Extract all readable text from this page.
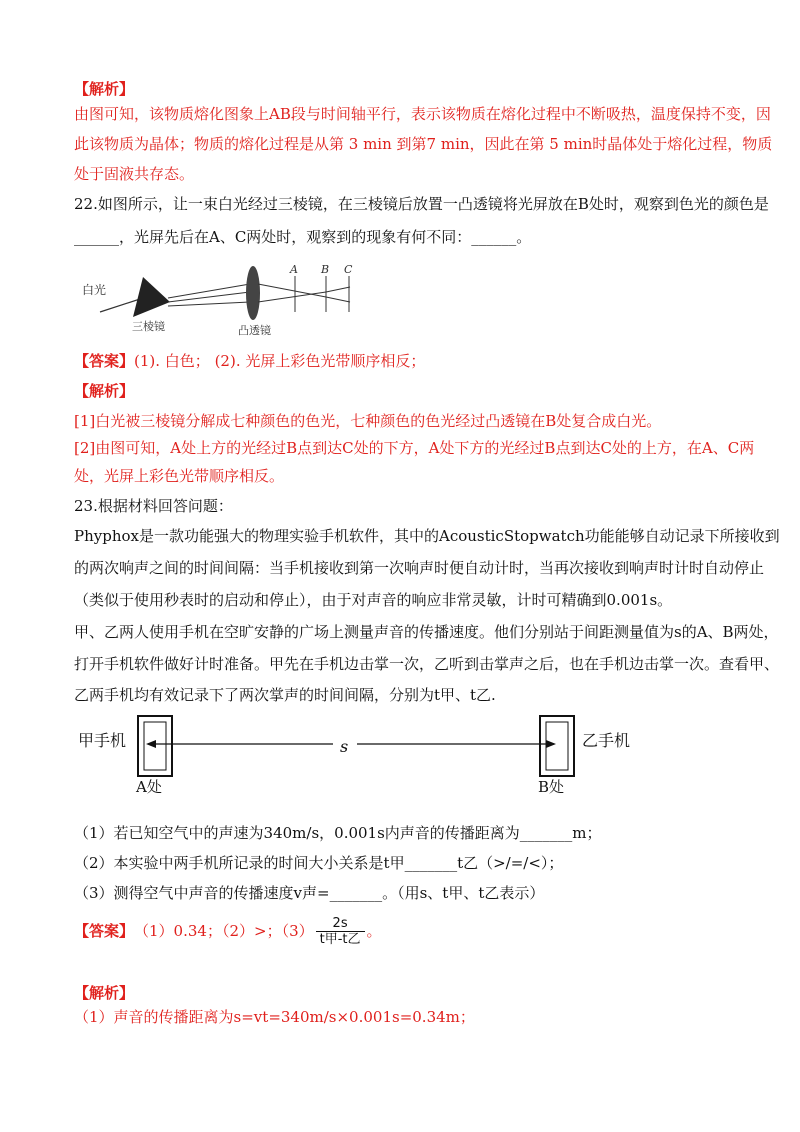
【解析】
由图可知，该物质熔化图象上AB段与时间轴平行，表示该物质在熔化过程中不断吸热，温度保持不变，因
此该物质为晶体；物质的熔化过程是从第 3 min 到第7 min，因此在第 5 min时晶体处于熔化过程，物质
处于固液共存态。
22.如图所示，让一束白光经过三棱镜，在三棱镜后放置一凸透镜将光屏放在B处时，观察到色光的颜色是
______，光屏先后在A、C两处时，观察到的现象有何不同：______。
白光
三棱镜	凸透镜
A B C
【答案】(1). 白色； (2). 光屏上彩色光带顺序相反；
【解析】
[1]白光被三棱镜分解成七种颜色的色光，七种颜色的色光经过凸透镜在B处复合成白光。
[2]由图可知，A处上方的光经过B点到达C处的下方，A处下方的光经过B点到达C处的上方，在A、C两
处，光屏上彩色光带顺序相反。
23.根据材料回答问题：
Phyphox是一款功能强大的物理实验手机软件，其中的AcousticStopwatch功能能够自动记录下所接收到
的两次响声之间的时间间隔：当手机接收到第一次响声时便自动计时，当再次接收到响声时计时自动停止
（类似于使用秒表时的启动和停止），由于对声音的响应非常灵敏，计时可精确到0.001s。
甲、乙两人使用手机在空旷安静的广场上测量声音的传播速度。他们分别站于间距测量值为s的A、B两处，
打开手机软件做好计时准备。甲先在手机边击掌一次，乙听到击掌声之后，也在手机边击掌一次。查看甲、
乙两手机均有效记录下了两次掌声的时间间隔，分别为t甲、t乙.
甲手机	s	乙手机
A处	B处
（1）若已知空气中的声速为340m/s，0.001s内声音的传播距离为_______m；
（2）本实验中两手机所记录的时间大小关系是t甲_______t乙（>/=/<）；
（3）测得空气中声音的传播速度v声=_______。（用s、t甲、t乙表示）
【答案】 （1）0.34；（2）>；$(3) \frac{2s}{\text{t甲-t乙}}$ 。
【解析】
（1）声音的传播距离为s=vt=340m/s×0.001s=0.34m；
